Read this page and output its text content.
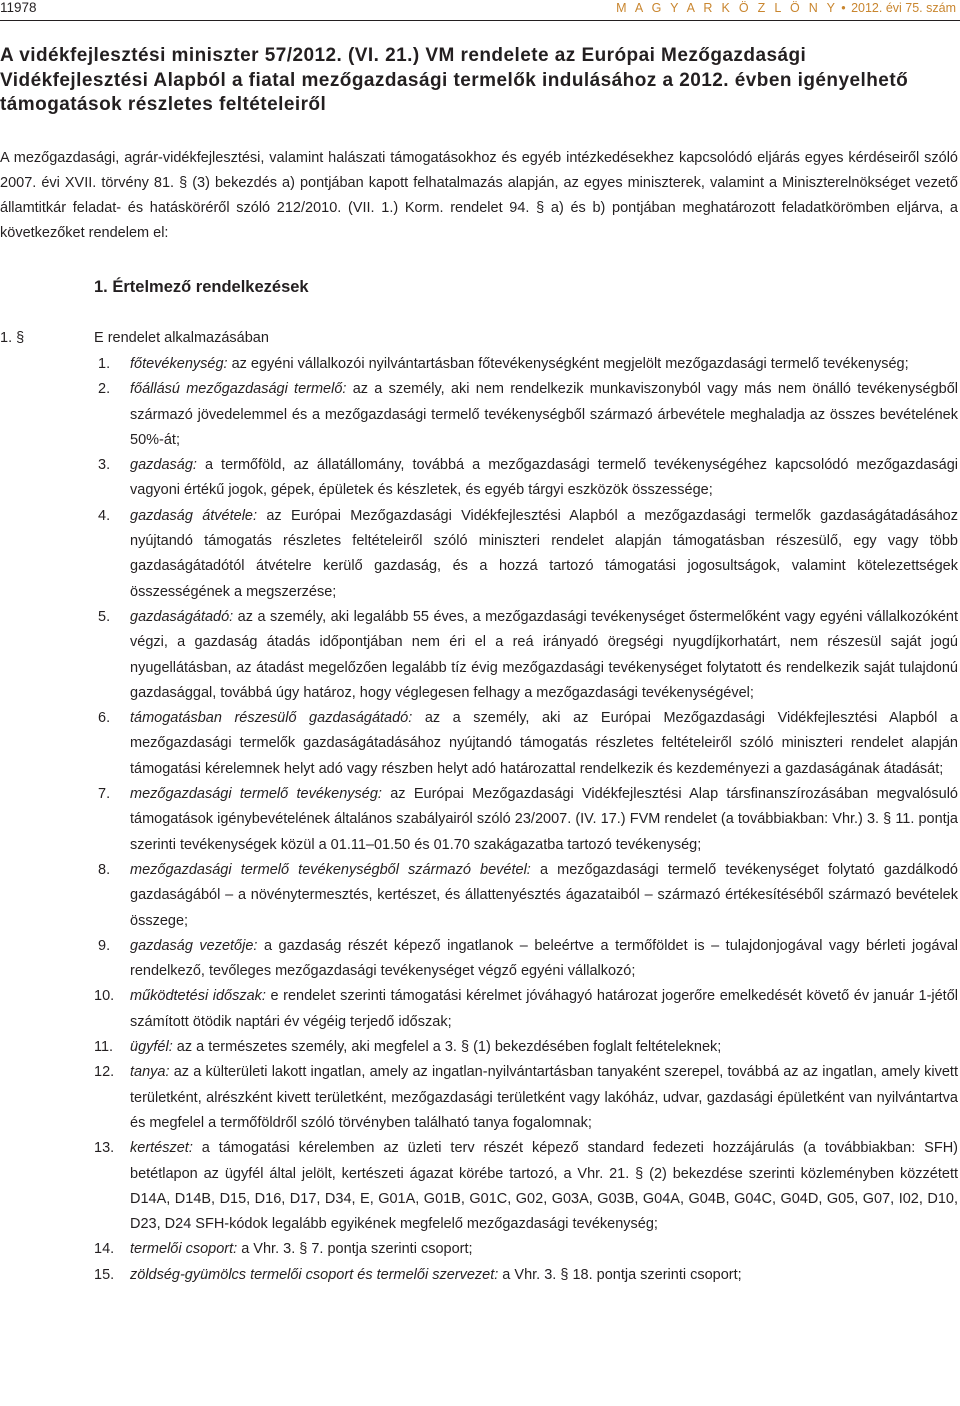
11978	M A G Y A R K Ö Z L Ö N Y • 2012. évi 75. szám
A vidékfejlesztési miniszter 57/2012. (VI. 21.) VM rendelete az Európai Mezőgazdasági Vidékfejlesztési Alapból a fiatal mezőgazdasági termelők indulásához a 2012. évben igényelhető támogatások részletes feltételeiről

A mezőgazdasági, agrár-vidékfejlesztési, valamint halászati támogatásokhoz és egyéb intézkedésekhez kapcsolódó eljárás egyes kérdéseiről szóló 2007. évi XVII. törvény 81. § (3) bekezdés a) pontjában kapott felhatalmazás alapján, az egyes miniszterek, valamint a Miniszterelnökséget vezető államtitkár feladat- és hatásköréről szóló 212/2010. (VII. 1.) Korm. rendelet 94. § a) és b) pontjában meghatározott feladatkörömben eljárva, a következőket rendelem el:

1. Értelmező rendelkezések
1. §	E rendelet alkalmazásában
1. főtevékenység: az egyéni vállalkozói nyilvántartásban főtevékenységként megjelölt mezőgazdasági termelő tevékenység;
2. főállású mezőgazdasági termelő: az a személy, aki nem rendelkezik munkaviszonyból vagy más nem önálló tevékenységből származó jövedelemmel és a mezőgazdasági termelő tevékenységből származó árbevétele meghaladja az összes bevételének 50%-át;
3. gazdaság: a termőföld, az állatállomány, továbbá a mezőgazdasági termelő tevékenységéhez kapcsolódó mezőgazdasági vagyoni értékű jogok, gépek, épületek és készletek, és egyéb tárgyi eszközök összessége;
4. gazdaság átvétele: az Európai Mezőgazdasági Vidékfejlesztési Alapból a mezőgazdasági termelők gazdaságátadásához nyújtandó támogatás részletes feltételeiről szóló miniszteri rendelet alapján támogatásban részesülő, egy vagy több gazdaságátadótól átvételre kerülő gazdaság, és a hozzá tartozó támogatási jogosultságok, valamint kötelezettségek összességének a megszerzése;
5. gazdaságátadó: az a személy, aki legalább 55 éves, a mezőgazdasági tevékenységet őstermelőként vagy egyéni vállalkozóként végzi, a gazdaság átadás időpontjában nem éri el a reá irányadó öregségi nyugdíjkorhatárt, nem részesül saját jogú nyugellátásban, az átadást megelőzően legalább tíz évig mezőgazdasági tevékenységet folytatott és rendelkezik saját tulajdonú gazdasággal, továbbá úgy határoz, hogy véglegesen felhagy a mezőgazdasági tevékenységével;
6. támogatásban részesülő gazdaságátadó: az a személy, aki az Európai Mezőgazdasági Vidékfejlesztési Alapból a mezőgazdasági termelők gazdaságátadásához nyújtandó támogatás részletes feltételeiről szóló miniszteri rendelet alapján támogatási kérelemnek helyt adó vagy részben helyt adó határozattal rendelkezik és kezdeményezi a gazdaságának átadását;
7. mezőgazdasági termelő tevékenység: az Európai Mezőgazdasági Vidékfejlesztési Alap társfinanszírozásában megvalósuló támogatások igénybevételének általános szabályairól szóló 23/2007. (IV. 17.) FVM rendelet (a továbbiakban: Vhr.) 3. § 11. pontja szerinti tevékenységek közül a 01.11–01.50 és 01.70 szakágazatba tartozó tevékenység;
8. mezőgazdasági termelő tevékenységből származó bevétel: a mezőgazdasági termelő tevékenységet folytató gazdálkodó gazdaságából – a növénytermesztés, kertészet, és állattenyésztés ágazataiból – származó értékesítéséből származó bevételek összege;
9. gazdaság vezetője: a gazdaság részét képező ingatlanok – beleértve a termőföldet is – tulajdonjogával vagy bérleti jogával rendelkező, tevőleges mezőgazdasági tevékenységet végző egyéni vállalkozó;
10. működtetési időszak: e rendelet szerinti támogatási kérelmet jóváhagyó határozat jogerőre emelkedését követő év január 1-jétől számított ötödik naptári év végéig terjedő időszak;
11. ügyfél: az a természetes személy, aki megfelel a 3. § (1) bekezdésében foglalt feltételeknek;
12. tanya: az a külterületi lakott ingatlan, amely az ingatlan-nyilvántartásban tanyaként szerepel, továbbá az az ingatlan, amely kivett területként, alrészként kivett területként, mezőgazdasági területként vagy lakóház, udvar, gazdasági épületként van nyilvántartva és megfelel a termőföldről szóló törvényben található tanya fogalomnak;
13. kertészet: a támogatási kérelemben az üzleti terv részét képező standard fedezeti hozzájárulás (a továbbiakban: SFH) betétlapon az ügyfél által jelölt, kertészeti ágazat körébe tartozó, a Vhr. 21. § (2) bekezdése szerinti közleményben közzétett D14A, D14B, D15, D16, D17, D34, E, G01A, G01B, G01C, G02, G03A, G03B, G04A, G04B, G04C, G04D, G05, G07, I02, D10, D23, D24 SFH-kódok legalább egyikének megfelelő mezőgazdasági tevékenység;
14. termelői csoport: a Vhr. 3. § 7. pontja szerinti csoport;
15. zöldség-gyümölcs termelői csoport és termelői szervezet: a Vhr. 3. § 18. pontja szerinti csoport;
